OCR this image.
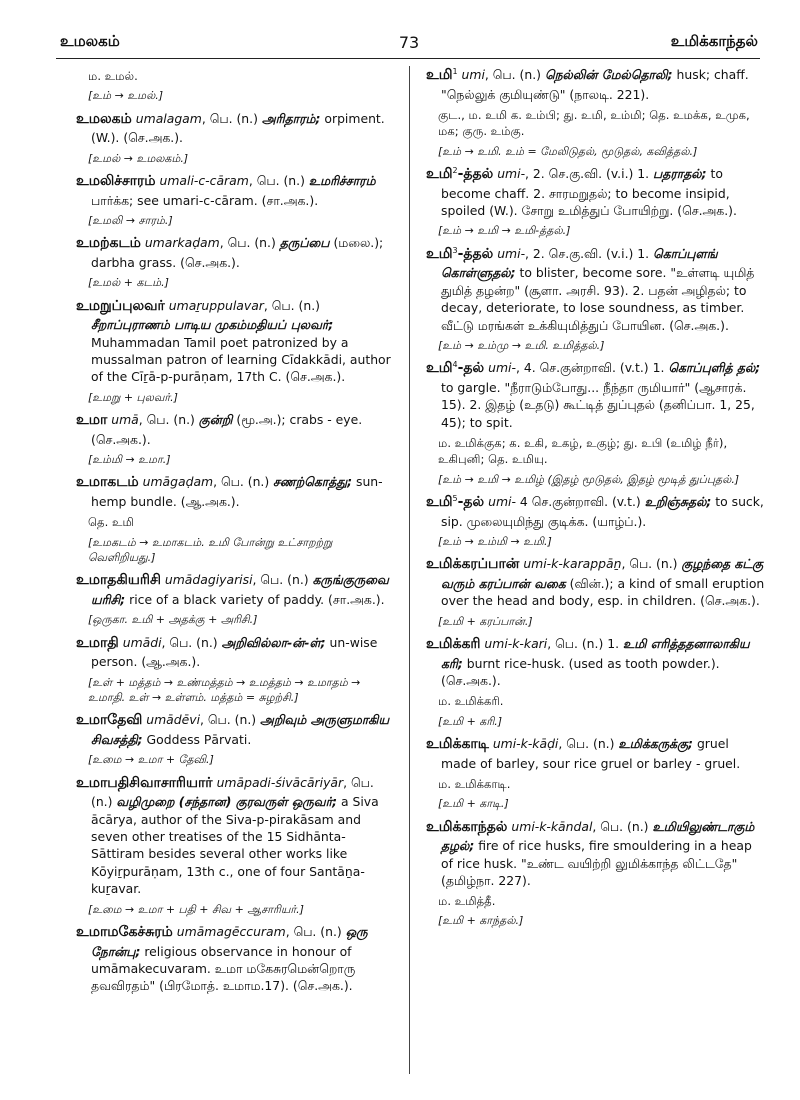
உமலகம்	73	உமிக்காந்தல்
ம. உமல்.
[உம் → உமல்.]
உமலகம் umalagam, பெ. (n.) அரிதாரம்; orpiment. (W.). (செ.அக.).
[உமல் → உமலகம்.]
உமலிச்சாரம் umali-c-cāram, பெ. (n.) உமரிச்சாரம் பார்க்க; see umari-c-cāram. (சா.அக.).
[உமலி → சாரம்.]
உமற்கடம் umarkaḍam, பெ. (n.) தருப்பை (மலை.); darbha grass. (செ.அக.).
[உமல் + கடம்.]
உமறுப்புலவர் umaṟuppulavar, பெ. (n.) சீறாப்புராணம் பாடிய முகம்மதியப் புலவர்; Muhammadan Tamil poet patronized by a mussalman patron of learning Cīdakkādi, author of the Cīṟā-p-purāṇam, 17th C. (செ.அக.).
[உமறு + புலவர்.]
உமா umā, பெ. (n.) குன்றி (மூ.அ.); crabs - eye. (செ.அக.).
[உம்மி → உமா.]
உமாகடம் umāgaḍam, பெ. (n.) சணற்கொத்து; sun-hemp bundle. (ஆ.அக.).
தெ. உமி
[உமகடம் → உமாகடம். உமி போன்று உட்சாறற்று வெளிறியது.]
உமாதகியரிசி umādagiyarisi, பெ. (n.) கருங்குருவை யரிசி; rice of a black variety of paddy. (சா.அக.).
[ஒருகா. உமி + அதக்கு + அரிசி.]
உமாதி umādi, பெ. (n.) அறிவில்லா-ன்-ள்; un-wise person. (ஆ.அக.).
[உள் + மத்தம் → உண்மத்தம் → உமத்தம் → உமாதம் → உமாதி. உள் → உள்ளம். மத்தம் = சுழற்சி.]
உமாதேவி umādēvi, பெ. (n.) அறிவும் அருளுமாகிய சிவசத்தி; Goddess Pārvati.
[உமை → உமா + தேவி.]
உமாபதிசிவாசாரியார் umāpadi-śivācāriyār, பெ. (n.) வழிமுறை (சந்தான) குரவருள் ஒருவர்; a Siva ācārya, author of the Siva-p-pirakāsam and seven other treatises of the 15 Sidhānta-Sāttiram besides several other works like Kōyiṟpurāṇam, 13th c., one of four Santāṉa-kuṟavar.
[உமை → உமா + பதி + சிவ + ஆசாரியர்.]
உமாமகேச்சுரம் umāmagēccuram, பெ. (n.) ஒரு நோன்பு; religious observance in honour of umāmakecuvaram. உமா மகேசுரமென்றொரு தவவிரதம்" (பிரமோத். உமாம.17). (செ.அக.).
உமி$^1$ umi, பெ. (n.) நெல்லின் மேல்தொலி; husk; chaff. "நெல்லுக் குமியுண்டு" (நாலடி. 221).
குட., ம. உமி க. உம்பி; து. உமி, உம்மி; தெ. உமக்க, உமுக, மக; குரு. உம்கு.
[உம் → உமி. உம் = மேலிடுதல், மூடுதல், கவித்தல்.]
உமி$^2$-த்தல் umi-, 2. செ.கு.வி. (v.i.) 1. பதராதல்; to become chaff. 2. சாரமறுதல்; to become insipid, spoiled (W.). சோறு உமித்துப் போயிற்று. (செ.அக.).
[உம் → உமி → உமி-த்தல்.]
உமி$^3$-த்தல் umi-, 2. செ.கு.வி. (v.i.) 1. கொப்புளங் கொள்ளுதல்; to blister, become sore. "உள்ளடி யுமித் துமித் தழன்ற" (சூளா. அரசி. 93). 2. பதன் அழிதல்; to decay, deteriorate, to lose soundness, as timber. வீட்டு மரங்கள் உக்கியுமித்துப் போயின. (செ.அக.).
[உம் → உம்மு → உமி. உமித்தல்.]
உமி$^4$-தல் umi-, 4. செ.குன்றாவி. (v.t.) 1. கொப்புளித் தல்; to gargle. "நீராடும்போது... நீந்தா ருமியார்" (ஆசாரக். 15). 2. இதழ் (உதடு) கூட்டித் துப்புதல் (தனிப்பா. 1, 25, 45); to spit.
ம. உமிக்குக; க. உகி, உகழ், உகுழ்; து. உபி (உமிழ் நீர்), உகிபுனி; தெ. உமியு.
[உம் → உமி → உமிழ் (இதழ் மூடுதல், இதழ் மூடித் துப்புதல்.]
உமி$^5$-தல் umi- 4 செ.குன்றாவி. (v.t.) உறிஞ்சுதல்; to suck, sip. முலையுமிந்து குடிக்க. (யாழ்ப்.).
[உம் → உம்மி → உமி.]
உமிக்கரப்பான் umi-k-karappāṉ, பெ. (n.) குழந்தை கட்கு வரும் கரப்பான் வகை (வின்.); a kind of small eruption over the head and body, esp. in children. (செ.அக.).
[உமி + கரப்பான்.]
உமிக்கரி umi-k-kari, பெ. (n.) 1. உமி எரித்ததனாலாகிய கரி; burnt rice-husk. (used as tooth powder.). (செ.அக.).
ம. உமிக்கரி.
[உமி + கரி.]
உமிக்காடி umi-k-kāḍi, பெ. (n.) உமிக்கருக்கு; gruel made of barley, sour rice gruel or barley - gruel.
ம. உமிக்காடி.
[உமி + காடி.]
உமிக்காந்தல் umi-k-kāndal, பெ. (n.) உமியிலுண்டாகும் தழல்; fire of rice husks, fire smouldering in a heap of rice husk. "உண்ட வயிற்றி லுமிக்காந்த லிட்டதே" (தமிழ்நா. 227).
ம. உமித்தீ.
[உமி + காந்தல்.]
